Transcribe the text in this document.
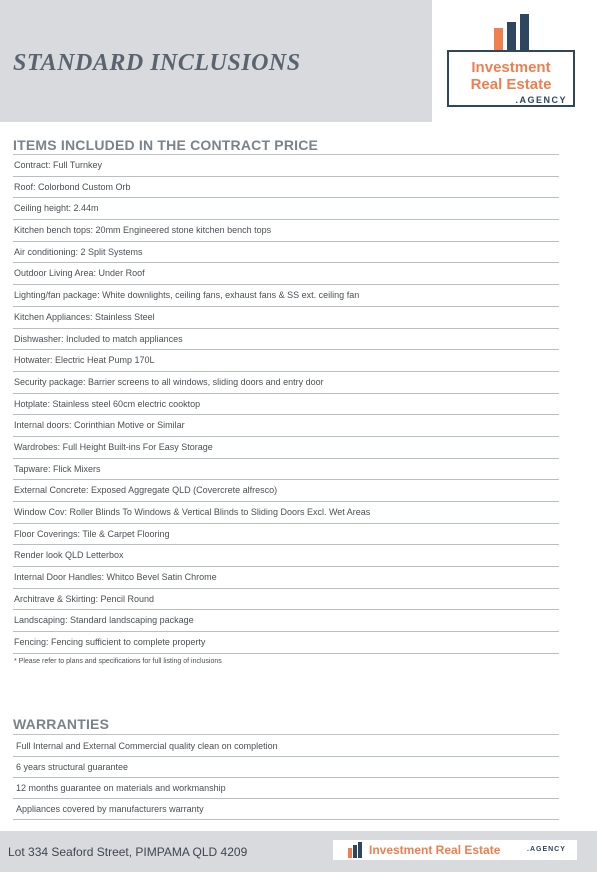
STANDARD INCLUSIONS	Investment
Real Estate
.AGENCY
ITEMS INCLUDED IN THE CONTRACT PRICE
Contract: Full Turnkey
Roof: Colorbond Custom Orb
Ceiling height: 2.44m
Kitchen bench tops: 20mm Engineered stone kitchen bench tops
Air conditioning: 2 Split Systems
Outdoor Living Area: Under Roof
Lighting/fan package: White downlights, ceiling fans, exhaust fans & SS ext. ceiling fan
Kitchen Appliances: Stainless Steel
Dishwasher: Included to match appliances
Hotwater: Electric Heat Pump 170L
Security package: Barrier screens to all windows, sliding doors and entry door
Hotplate: Stainless steel 60cm electric cooktop
Internal doors: Corinthian Motive or Similar
Wardrobes: Full Height Built-ins For Easy Storage
Tapware: Flick Mixers
External Concrete: Exposed Aggregate QLD (Covercrete alfresco)
Window Cov: Roller Blinds To Windows & Vertical Blinds to Sliding Doors Excl. Wet Areas
Floor Coverings: Tile & Carpet Flooring
Render look QLD Letterbox
Internal Door Handles: Whitco Bevel Satin Chrome
Architrave & Skirting: Pencil Round
Landscaping: Standard landscaping package
Fencing: Fencing sufficient to complete property
* Please refer to plans and specifications for full listing of inclusions
WARRANTIES
Full Internal and External Commercial quality clean on completion
6 years structural guarantee
12 months guarantee on materials and workmanship
Appliances covered by manufacturers warranty
Lot 334 Seaford Street, PIMPAMA QLD 4209	Investment Real Estate	.AGENCY
